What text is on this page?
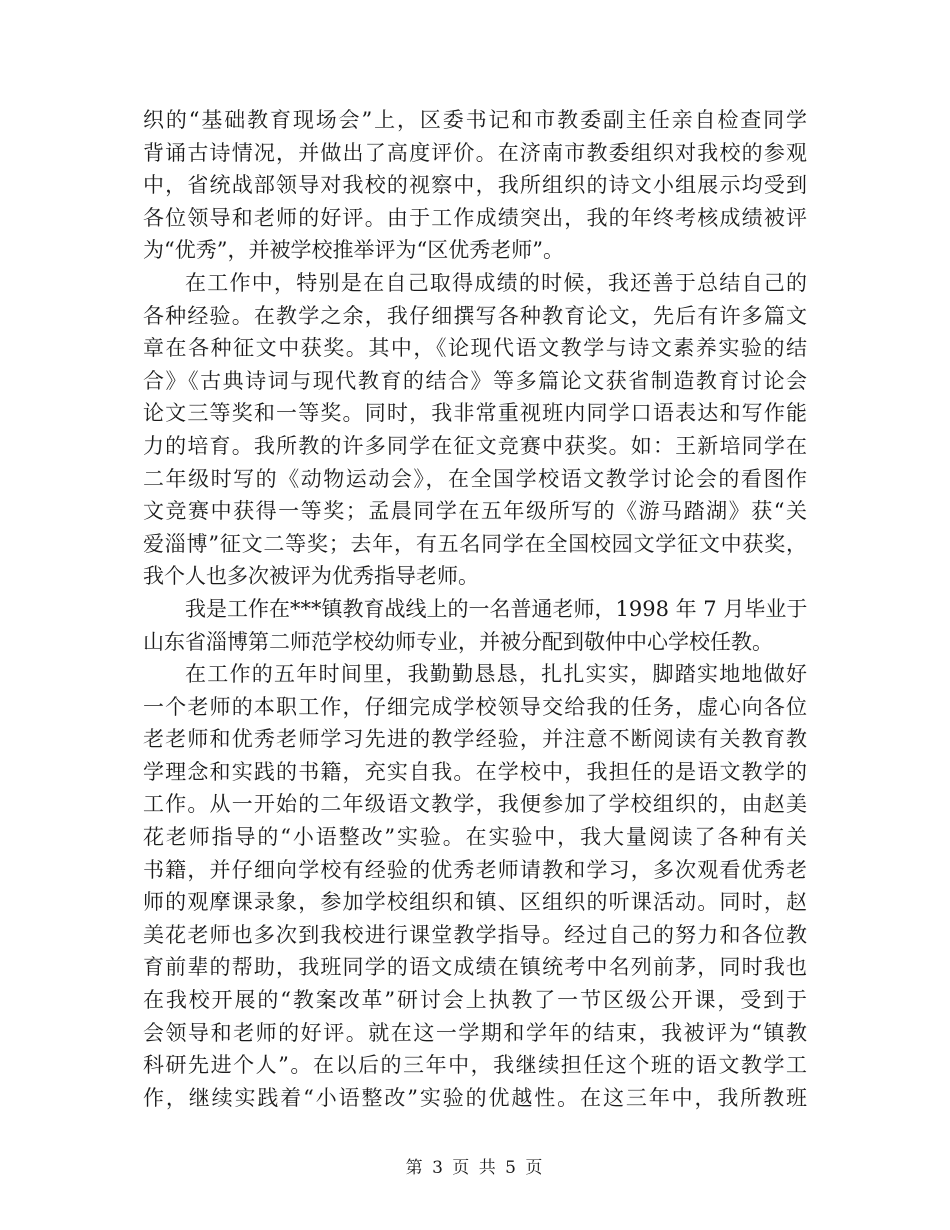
织的“基础教育现场会”上，区委书记和市教委副主任亲自检查同学
背诵古诗情况，并做出了高度评价。在济南市教委组织对我校的参观
中，省统战部领导对我校的视察中，我所组织的诗文小组展示均受到
各位领导和老师的好评。由于工作成绩突出，我的年终考核成绩被评
为“优秀”，并被学校推举评为“区优秀老师”。
在工作中，特别是在自己取得成绩的时候，我还善于总结自己的
各种经验。在教学之余，我仔细撰写各种教育论文，先后有许多篇文
章在各种征文中获奖。其中，《论现代语文教学与诗文素养实验的结
合》《古典诗词与现代教育的结合》等多篇论文获省制造教育讨论会
论文三等奖和一等奖。同时，我非常重视班内同学口语表达和写作能
力的培育。我所教的许多同学在征文竞赛中获奖。如：王新培同学在
二年级时写的《动物运动会》，在全国学校语文教学讨论会的看图作
文竞赛中获得一等奖；孟晨同学在五年级所写的《游马踏湖》获“关
爱淄博”征文二等奖；去年，有五名同学在全国校园文学征文中获奖，
我个人也多次被评为优秀指导老师。
我是工作在***镇教育战线上的一名普通老师，1998 年 7 月毕业于
山东省淄博第二师范学校幼师专业，并被分配到敬仲中心学校任教。
在工作的五年时间里，我勤勤恳恳，扎扎实实，脚踏实地地做好
一个老师的本职工作，仔细完成学校领导交给我的任务，虚心向各位
老老师和优秀老师学习先进的教学经验，并注意不断阅读有关教育教
学理念和实践的书籍，充实自我。在学校中，我担任的是语文教学的
工作。从一开始的二年级语文教学，我便参加了学校组织的，由赵美
花老师指导的“小语整改”实验。在实验中，我大量阅读了各种有关
书籍，并仔细向学校有经验的优秀老师请教和学习，多次观看优秀老
师的观摩课录象，参加学校组织和镇、区组织的听课活动。同时，赵
美花老师也多次到我校进行课堂教学指导。经过自己的努力和各位教
育前辈的帮助，我班同学的语文成绩在镇统考中名列前茅，同时我也
在我校开展的“教案改革”研讨会上执教了一节区级公开课，受到于
会领导和老师的好评。就在这一学期和学年的结束，我被评为“镇教
科研先进个人”。在以后的三年中，我继续担任这个班的语文教学工
作，继续实践着“小语整改”实验的优越性。在这三年中，我所教班
第 3 页 共 5 页
